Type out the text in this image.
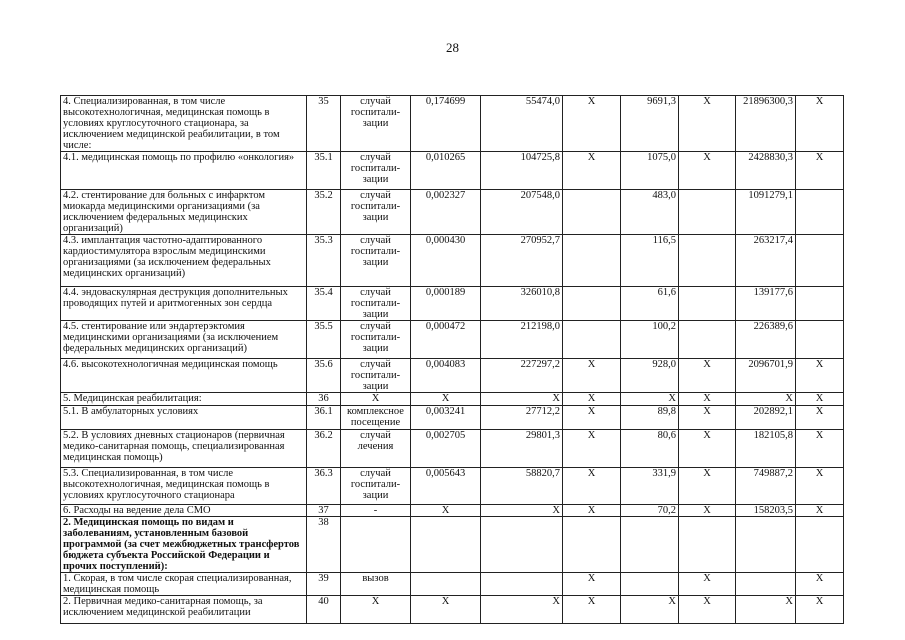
28
4. Специализированная, в том числе высокотехнологичная, медицинская помощь в условиях круглосуточного стационара, за исключением медицинской реабилитации, в том числе:	35	случай госпитали-зации	0,174699	55474,0	X	9691,3	X	21896300,3	X
4.1. медицинская помощь по профилю «онкология»	35.1	случай госпитали-зации	0,010265	104725,8	X	1075,0	X	2428830,3	X
4.2. стентирование для больных с инфарктом миокарда медицинскими организациями (за исключением федеральных медицинских организаций)	35.2	случай госпитали-зации	0,002327	207548,0		483,0		1091279,1	
4.3. имплантация частотно-адаптированного кардиостимулятора взрослым медицинскими организациями (за исключением федеральных медицинских организаций)	35.3	случай госпитали-зации	0,000430	270952,7		116,5		263217,4	
4.4. эндоваскулярная деструкция дополнительных проводящих путей и аритмогенных зон сердца	35.4	случай госпитали-зации	0,000189	326010,8		61,6		139177,6	
4.5. стентирование или эндартерэктомия медицинскими организациями (за исключением федеральных медицинских организаций)	35.5	случай госпитали-зации	0,000472	212198,0		100,2		226389,6	
4.6. высокотехнологичная медицинская помощь	35.6	случай госпитали-зации	0,004083	227297,2	X	928,0	X	2096701,9	X
5. Медицинская реабилитация:	36	X	X	X	X	X	X	X	X
5.1. В амбулаторных условиях	36.1	комплексное посещение	0,003241	27712,2	X	89,8	X	202892,1	X
5.2. В условиях дневных стационаров (первичная медико-санитарная помощь, специализированная медицинская помощь)	36.2	случай лечения	0,002705	29801,3	X	80,6	X	182105,8	X
5.3. Специализированная, в том числе высокотехнологичная, медицинская помощь в условиях круглосуточного стационара	36.3	случай госпитали-зации	0,005643	58820,7	X	331,9	X	749887,2	X
6. Расходы на ведение дела СМО	37	-	X	X	X	70,2	X	158203,5	X
2. Медицинская помощь по видам и заболеваниям, установленным базовой программой (за счет межбюджетных трансфертов бюджета субъекта Российской Федерации и прочих поступлений):	38								
1. Скорая, в том числе скорая специализированная, медицинская помощь	39	вызов			X		X		X
2. Первичная медико-санитарная помощь, за исключением медицинской реабилитации	40	X	X	X	X	X	X	X	X
